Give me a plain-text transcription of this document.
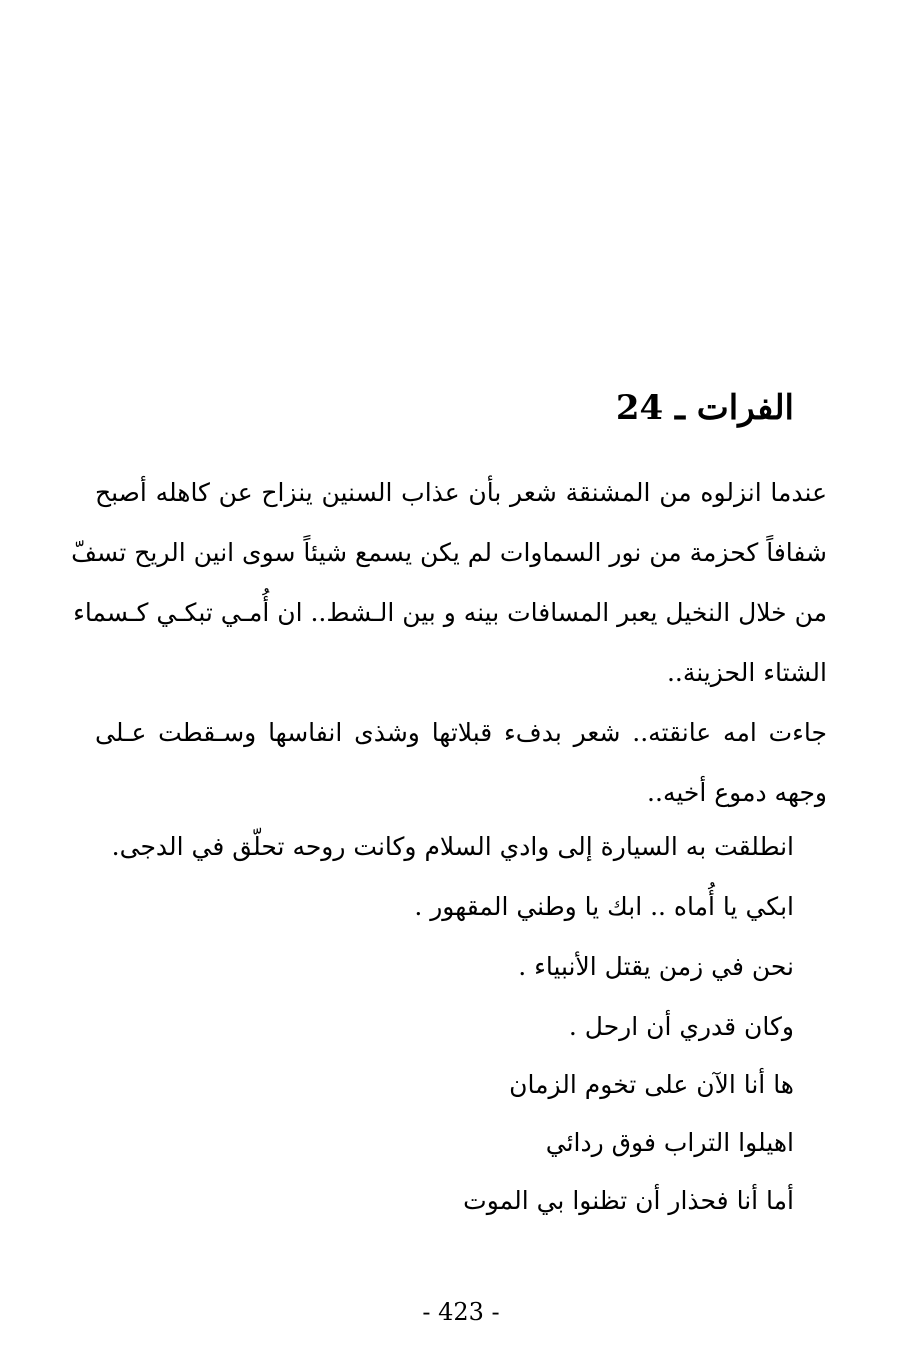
الفرات ـ 24
عندما انزلوه من المشنقة شعر بأن عذاب السنين ينزاح عن كاهله أصبح
شفافاً كحزمة من نور السماوات لم يكن يسمع شيئاً سوى انين الريح تسفّ
من خلال النخيل يعبر المسافات بينه و بين الـشط.. ان أُمـي تبكـي كـسماء
الشتاء الحزينة..
جاءت امه عانقته.. شعر بدفء قبلاتها وشذى انفاسها وسـقطت عـلى
وجهه دموع أخيه..
انطلقت به السيارة إلى وادي السلام وكانت روحه تحلّق في الدجى.
ابكي يا أُماه .. ابك يا وطني المقهور .
نحن في زمن يقتل الأنبياء .
وكان قدري أن ارحل .
ها أنا الآن على تخوم الزمان
اهيلوا التراب فوق ردائي
أما أنا فحذار أن تظنوا بي الموت
- 423 -
